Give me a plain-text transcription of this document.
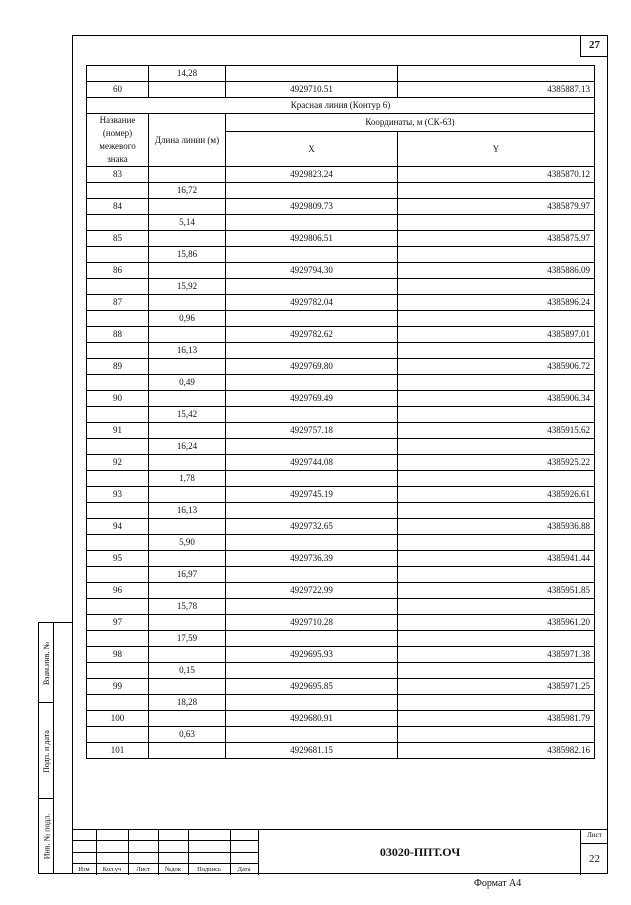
27
	14,28		
60		4929710.51	4385887.13
Красная линия (Контур 6)			
Название (номер) межевого знака	Длина линии (м)	Координаты, м (СК-63)	
		X	Y
83		4929823.24	4385870.12
	16,72		
84		4929809.73	4385879.97
	5,14		
85		4929806.51	4385875.97
	15,86		
86		4929794.30	4385886.09
	15,92		
87		4929782.04	4385896.24
	0,96		
88		4929782.62	4385897.01
	16,13		
89		4929769.80	4385906.72
	0,49		
90		4929769.49	4385906.34
	15,42		
91		4929757.18	4385915.62
	16,24		
92		4929744.08	4385925.22
	1,78		
93		4929745.19	4385926.61
	16,13		
94		4929732.65	4385936.88
	5,90		
95		4929736.39	4385941.44
	16,97		
96		4929722.99	4385951.85
	15,78		
97		4929710.28	4385961.20
	17,59		
98		4929695.93	4385971.38
	0,15		
99		4929695.85	4385971.25
	18,28		
100		4929680.91	4385981.79
	0,63		
101		4929681.15	4385982.16
Взам.инв. №
Подп. и дата
Инв. № подл.
Изм	Кол.уч	Лист	№док	Подпись	Дата
03020-ППТ.ОЧ
Лист
22
Формат А4
